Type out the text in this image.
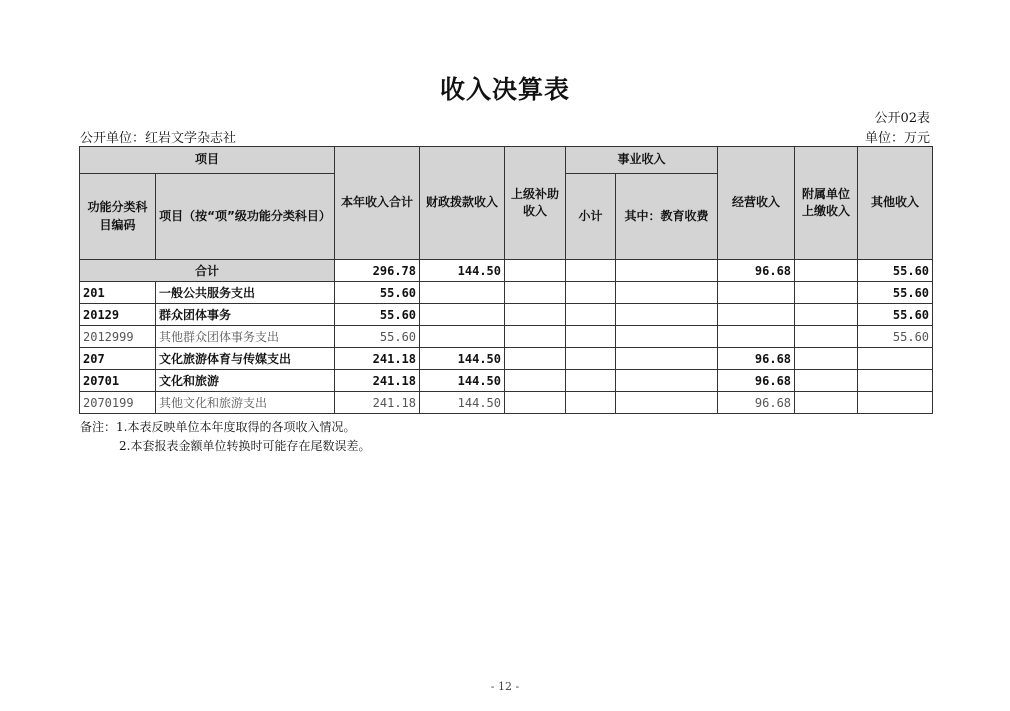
收入决算表
公开02表
公开单位：红岩文学杂志社	单位：万元
项目		本年收入合计	财政拨款收入	上级补助收入	事业收入		经营收入	附属单位上缴收入	其他收入
功能分类科目编码	项目（按“项”级功能分类科目）				小计	其中：教育收费			
合计		296.78	144.50				96.68		55.60
201	一般公共服务支出	55.60							55.60
20129	群众团体事务	55.60							55.60
2012999	其他群众团体事务支出	55.60							55.60
207	文化旅游体育与传媒支出	241.18	144.50				96.68		
20701	文化和旅游	241.18	144.50				96.68		
2070199	其他文化和旅游支出	241.18	144.50				96.68		
备注：1.本表反映单位本年度取得的各项收入情况。
2.本套报表金额单位转换时可能存在尾数误差。
- 12 -
